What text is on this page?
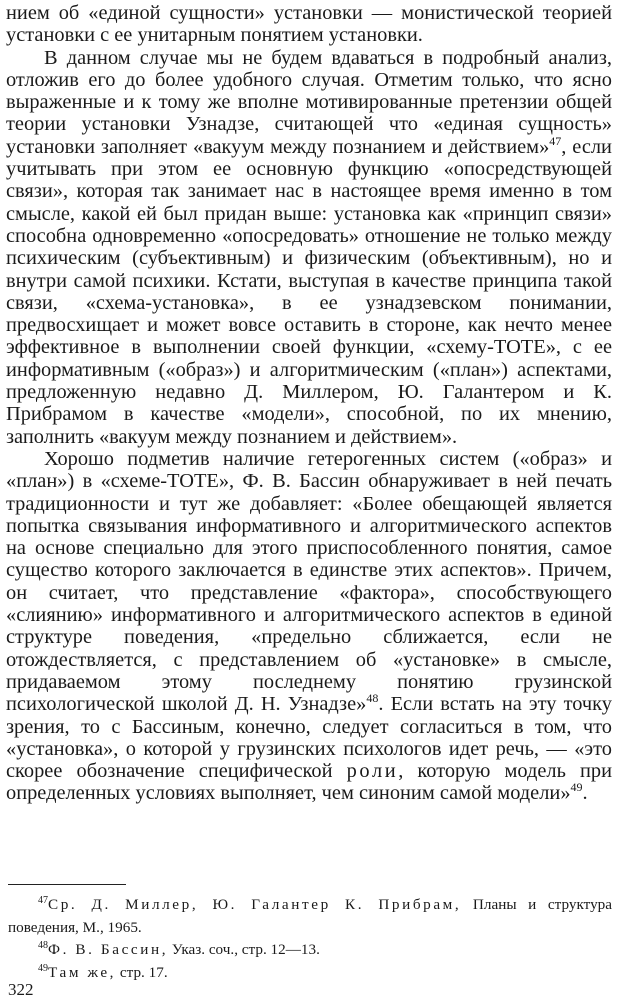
нием об «единой сущности» установки — монистической теорией установки с ее унитарным понятием установки.

В данном случае мы не будем вдаваться в подробный анализ, отложив его до более удобного случая. Отметим только, что ясно выраженные и к тому же вполне мотивированные претензии общей теории установки Узнадзе, считающей что «единая сущность» установки заполняет «вакуум между познанием и действием»$^{47}$, если учитывать при этом ее основную функцию «опосредствующей связи», которая так занимает нас в настоящее время именно в том смысле, какой ей был придан выше: установка как «принцип связи» способна одновременно «опосредовать» отношение не только между психическим (субъективным) и физическим (объективным), но и внутри самой психики. Кстати, выступая в качестве принципа такой связи, «схема-установка», в ее узнадзевском понимании, предвосхищает и может вовсе оставить в стороне, как нечто менее эффективное в выполнении своей функции, «схему-ТОТЕ», с ее информативным («образ») и алгоритмическим («план») аспектами, предложенную недавно Д. Миллером, Ю. Галантером и К. Прибрамом в качестве «модели», способной, по их мнению, заполнить «вакуум между познанием и действием».

Хорошо подметив наличие гетерогенных систем («образ» и «план») в «схеме-ТОТЕ», Ф. В. Бассин обнаруживает в ней печать традиционности и тут же добавляет: «Более обещающей является попытка связывания информативного и алгоритмического аспектов на основе специально для этого приспособленного понятия, самое существо которого заключается в единстве этих аспектов». Причем, он считает, что представление «фактора», способствующего «слиянию» информативного и алгоритмического аспектов в единой структуре поведения, «предельно сближается, если не отождествляется, с представлением об «установке» в смысле, придаваемом этому последнему понятию грузинской психологической школой Д. Н. Узнадзе»$^{48}$. Если встать на эту точку зрения, то с Бассиным, конечно, следует согласиться в том, что «установка», о которой у грузинских психологов идет речь, — «это скорее обозначение специфической роли, которую модель при определенных условиях выполняет, чем синоним самой модели»$^{49}$.

$^{47}$Ср. Д. Миллер, Ю. Галантер К. Прибрам, Планы и структура поведения, М., 1965.

$^{48}$Ф. В. Бассин, Указ. соч., стр. 12—13.

$^{49}$Там же, стр. 17.

322
